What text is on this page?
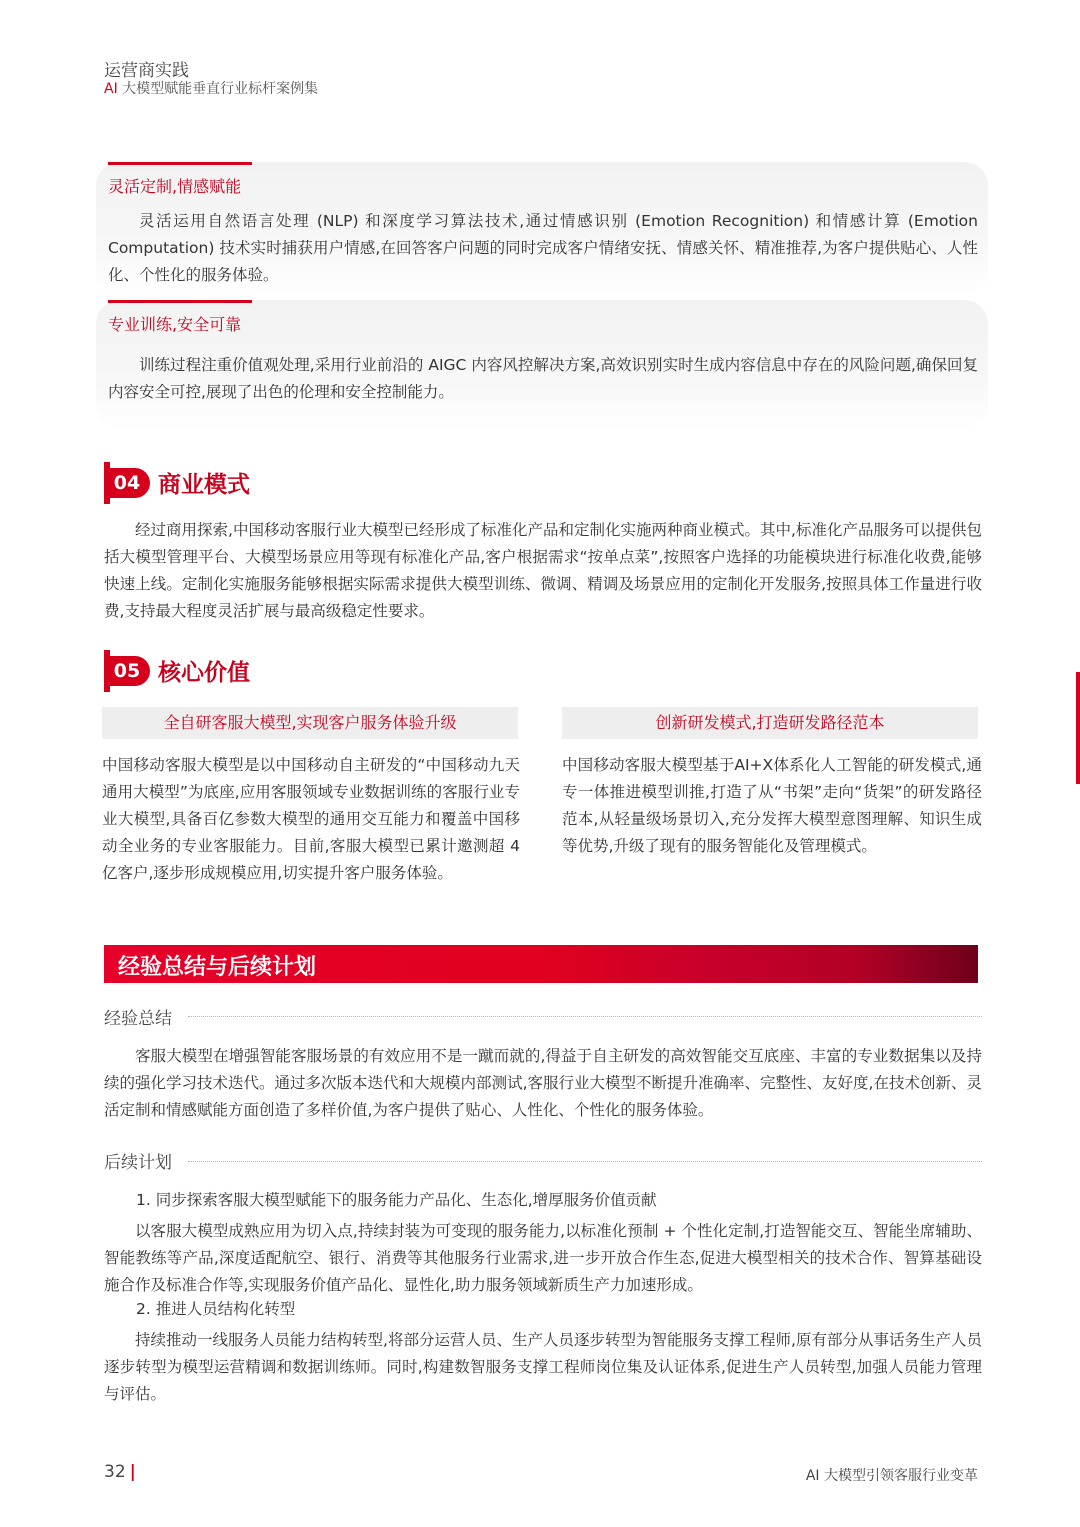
运营商实践
AI 大模型赋能垂直行业标杆案例集
灵活定制,情感赋能
灵活运用自然语言处理 (NLP) 和深度学习算法技术,通过情感识别 (Emotion Recognition) 和情感计算 (Emotion Computation) 技术实时捕获用户情感,在回答客户问题的同时完成客户情绪安抚、情感关怀、精准推荐,为客户提供贴心、人性化、个性化的服务体验。
专业训练,安全可靠
训练过程注重价值观处理,采用行业前沿的 AIGC 内容风控解决方案,高效识别实时生成内容信息中存在的风险问题,确保回复内容安全可控,展现了出色的伦理和安全控制能力。
04 商业模式
经过商用探索,中国移动客服行业大模型已经形成了标准化产品和定制化实施两种商业模式。其中,标准化产品服务可以提供包括大模型管理平台、大模型场景应用等现有标准化产品,客户根据需求“按单点菜”,按照客户选择的功能模块进行标准化收费,能够快速上线。定制化实施服务能够根据实际需求提供大模型训练、微调、精调及场景应用的定制化开发服务,按照具体工作量进行收费,支持最大程度灵活扩展与最高级稳定性要求。
05 核心价值
全自研客服大模型,实现客户服务体验升级
中国移动客服大模型是以中国移动自主研发的“中国移动九天通用大模型”为底座,应用客服领域专业数据训练的客服行业专业大模型,具备百亿参数大模型的通用交互能力和覆盖中国移动全业务的专业客服能力。目前,客服大模型已累计邀测超 4 亿客户,逐步形成规模应用,切实提升客户服务体验。
创新研发模式,打造研发路径范本
中国移动客服大模型基于AI+X体系化人工智能的研发模式,通专一体推进模型训推,打造了从“书架”走向“货架”的研发路径范本,从轻量级场景切入,充分发挥大模型意图理解、知识生成等优势,升级了现有的服务智能化及管理模式。
经验总结与后续计划
经验总结
客服大模型在增强智能客服场景的有效应用不是一蹴而就的,得益于自主研发的高效智能交互底座、丰富的专业数据集以及持续的强化学习技术迭代。通过多次版本迭代和大规模内部测试,客服行业大模型不断提升准确率、完整性、友好度,在技术创新、灵活定制和情感赋能方面创造了多样价值,为客户提供了贴心、人性化、个性化的服务体验。
后续计划
1. 同步探索客服大模型赋能下的服务能力产品化、生态化,增厚服务价值贡献
以客服大模型成熟应用为切入点,持续封装为可变现的服务能力,以标准化预制 + 个性化定制,打造智能交互、智能坐席辅助、智能教练等产品,深度适配航空、银行、消费等其他服务行业需求,进一步开放合作生态,促进大模型相关的技术合作、智算基础设施合作及标准合作等,实现服务价值产品化、显性化,助力服务领域新质生产力加速形成。
2. 推进人员结构化转型
持续推动一线服务人员能力结构转型,将部分运营人员、生产人员逐步转型为智能服务支撑工程师,原有部分从事话务生产人员逐步转型为模型运营精调和数据训练师。同时,构建数智服务支撑工程师岗位集及认证体系,促进生产人员转型,加强人员能力管理与评估。
32 |	AI 大模型引领客服行业变革
